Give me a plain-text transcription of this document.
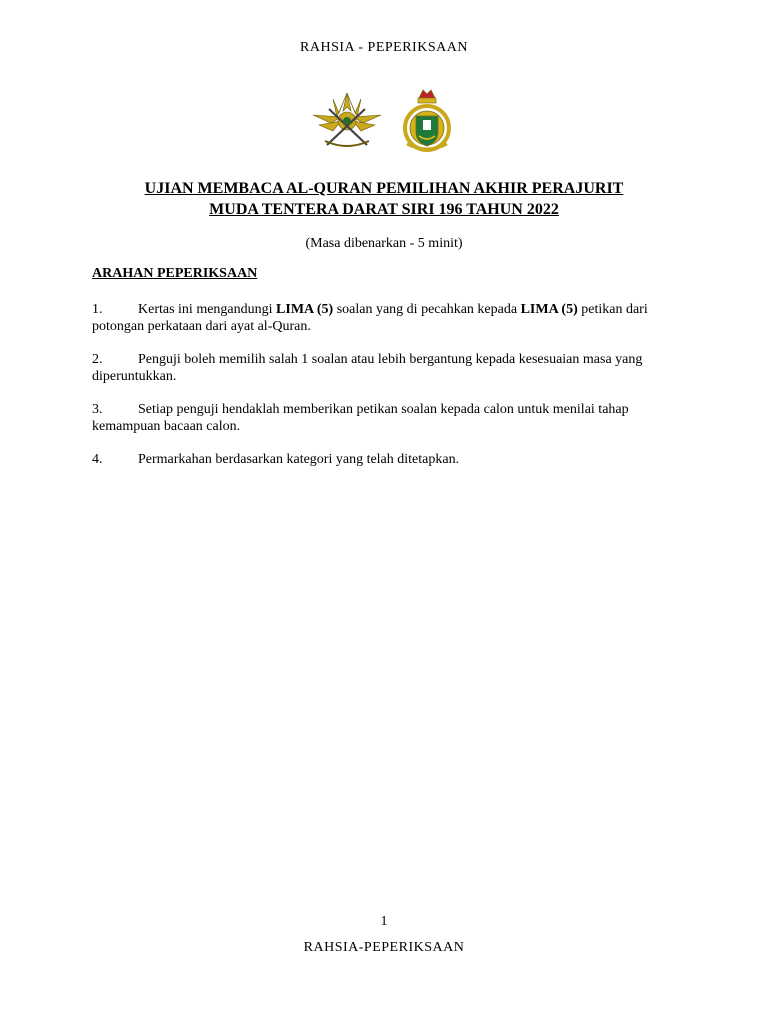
RAHSIA - PEPERIKSAAN
UJIAN MEMBACA AL-QURAN PEMILIHAN AKHIR PERAJURIT
MUDA TENTERA DARAT SIRI 196 TAHUN 2022
(Masa dibenarkan - 5 minit)
ARAHAN PEPERIKSAAN
1.	Kertas ini mengandungi LIMA (5) soalan yang di pecahkan kepada LIMA (5) petikan dari potongan perkataan dari ayat al-Quran.
2.	Penguji boleh memilih salah 1 soalan atau lebih bergantung kepada kesesuaian masa yang diperuntukkan.
3.	Setiap penguji hendaklah memberikan petikan soalan kepada calon untuk menilai tahap kemampuan bacaan calon.
4.	Permarkahan berdasarkan kategori yang telah ditetapkan.
1
RAHSIA-PEPERIKSAAN
